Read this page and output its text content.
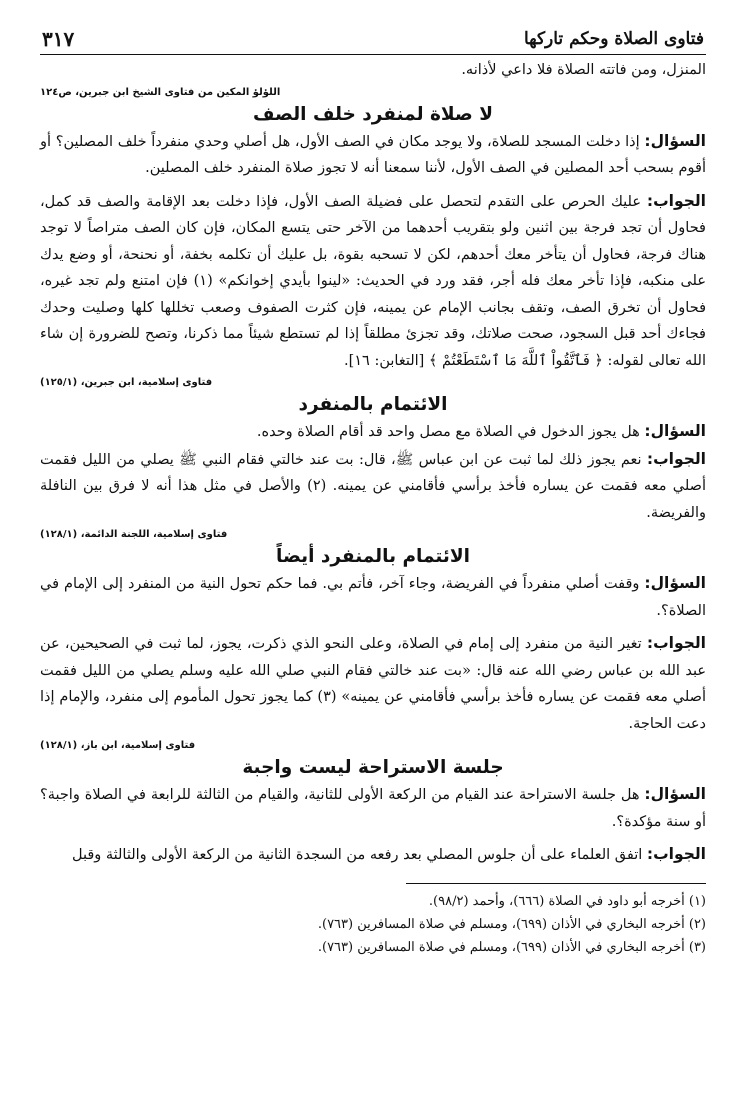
فتاوى الصلاة وحكم تاركها
٣١٧

المنزل، ومن فاتته الصلاة فلا داعي لأذانه.

اللؤلؤ المكين من فتاوى الشيخ ابن جبرين، ص١٢٤
لا صلاة لمنفرد خلف الصف

السؤال: إذا دخلت المسجد للصلاة، ولا يوجد مكان في الصف الأول، هل أصلي وحدي منفرداً خلف المصلين؟ أو أقوم بسحب أحد المصلين في الصف الأول، لأننا سمعنا أنه لا تجوز صلاة المنفرد خلف المصلين.

الجواب: عليك الحرص على التقدم لتحصل على فضيلة الصف الأول، فإذا دخلت بعد الإقامة والصف قد كمل، فحاول أن تجد فرجة بين اثنين ولو بتقريب أحدهما من الآخر حتى يتسع المكان، فإن كان الصف متراصاً لا توجد هناك فرجة، فحاول أن يتأخر معك أحدهم، لكن لا تسحبه بقوة، بل عليك أن تكلمه بخفة، أو نحنحة، أو وضع يدك على منكبه، فإذا تأخر معك فله أجر، فقد ورد في الحديث: «لينوا بأيدي إخوانكم» (١) فإن امتنع ولم تجد غيره، فحاول أن تخرق الصف، وتقف بجانب الإمام عن يمينه، فإن كثرت الصفوف وصعب تخللها كلها وصليت وحدك فجاءك أحد قبل السجود، صحت صلاتك، وقد تجزئ مطلقاً إذا لم تستطع شيئاً مما ذكرنا، وتصح للضرورة إن شاء الله تعالى لقوله: ﴿ فَٱتَّقُواْ ٱللَّهَ مَا ٱسْتَطَعْتُمْ ﴾ [التغابن: ١٦].

فتاوى إسلامية، ابن جبرين، (١٢٥/١)
الائتمام بالمنفرد

السؤال: هل يجوز الدخول في الصلاة مع مصل واحد قد أقام الصلاة وحده.

الجواب: نعم يجوز ذلك لما ثبت عن ابن عباس ﷺ، قال: بت عند خالتي فقام النبي ﷺ يصلي من الليل فقمت أصلي معه فقمت عن يساره فأخذ برأسي فأقامني عن يمينه. (٢) والأصل في مثل هذا أنه لا فرق بين النافلة والفريضة.

فتاوى إسلامية، اللجنة الدائمة، (١٢٨/١)
الائتمام بالمنفرد أيضاً

السؤال: وقفت أصلي منفرداً في الفريضة، وجاء آخر، فأتم بي. فما حكم تحول النية من المنفرد إلى الإمام في الصلاة؟.

الجواب: تغير النية من منفرد إلى إمام في الصلاة، وعلى النحو الذي ذكرت، يجوز، لما ثبت في الصحيحين، عن عبد الله بن عباس رضي الله عنه قال: «بت عند خالتي فقام النبي صلي الله عليه وسلم يصلي من الليل فقمت أصلي معه فقمت عن يساره فأخذ برأسي فأقامني عن يمينه» (٣) كما يجوز تحول المأموم إلى منفرد، والإمام إذا دعت الحاجة.

فتاوى إسلامية، ابن باز، (١٢٨/١)
جلسة الاستراحة ليست واجبة

السؤال: هل جلسة الاستراحة عند القيام من الركعة الأولى للثانية، والقيام من الثالثة للرابعة في الصلاة واجبة؟ أو سنة مؤكدة؟.

الجواب: اتفق العلماء على أن جلوس المصلي بعد رفعه من السجدة الثانية من الركعة الأولى والثالثة وقبل

(١) أخرجه أبو داود في الصلاة (٦٦٦)، وأحمد (٩٨/٢).
(٢) أخرجه البخاري في الأذان (٦٩٩)، ومسلم في صلاة المسافرين (٧٦٣).
(٣) أخرجه البخاري في الأذان (٦٩٩)، ومسلم في صلاة المسافرين (٧٦٣).
